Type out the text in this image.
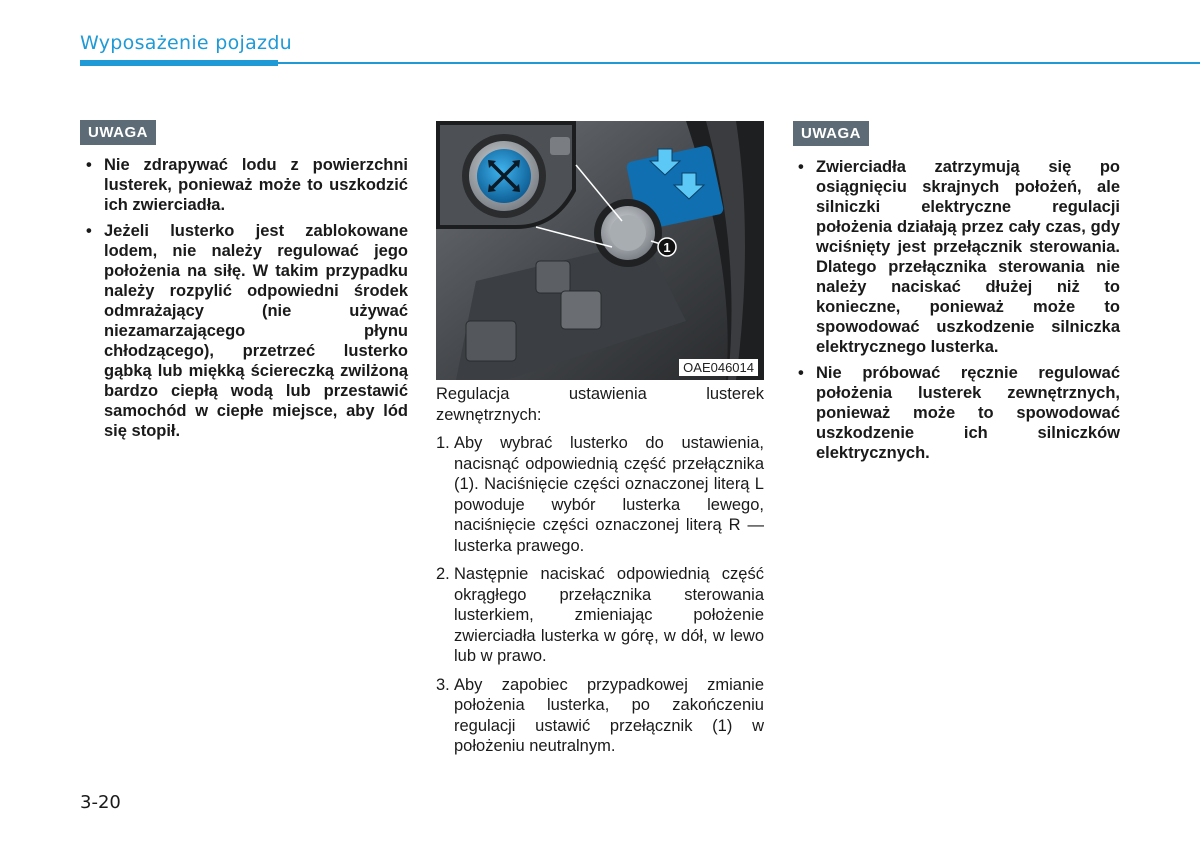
Wyposażenie pojazdu
UWAGA
• Nie zdrapywać lodu z powierzchni lusterek, ponieważ może to uszkodzić ich zwierciadła.
• Jeżeli lusterko jest zablokowane lodem, nie należy regulować jego położenia na siłę. W takim przypadku należy rozpylić odpowiedni środek odmrażający (nie używać niezamarzającego płynu chłodzącego), przetrzeć lusterko gąbką lub miękką ściereczką zwilżoną bardzo ciepłą wodą lub przestawić samochód w ciepłe miejsce, aby lód się stopił.
1
OAE046014
Regulacja ustawienia lusterek zewnętrznych:
1. Aby wybrać lusterko do ustawienia, nacisnąć odpowiednią część przełącznika (1). Naciśnięcie części oznaczonej literą L powoduje wybór lusterka lewego, naciśnięcie części oznaczonej literą R — lusterka prawego.
2. Następnie naciskać odpowiednią część okrągłego przełącznika sterowania lusterkiem, zmieniając położenie zwierciadła lusterka w górę, w dół, w lewo lub w prawo.
3. Aby zapobiec przypadkowej zmianie położenia lusterka, po zakończeniu regulacji ustawić przełącznik (1) w położeniu neutralnym.
UWAGA
• Zwierciadła zatrzymują się po osiągnięciu skrajnych położeń, ale silniczki elektryczne regulacji położenia działają przez cały czas, gdy wciśnięty jest przełącznik sterowania. Dlatego przełącznika sterowania nie należy naciskać dłużej niż to konieczne, ponieważ może to spowodować uszkodzenie silniczka elektrycznego lusterka.
• Nie próbować ręcznie regulować położenia lusterek zewnętrznych, ponieważ może to spowodować uszkodzenie ich silniczków elektrycznych.
3-20
